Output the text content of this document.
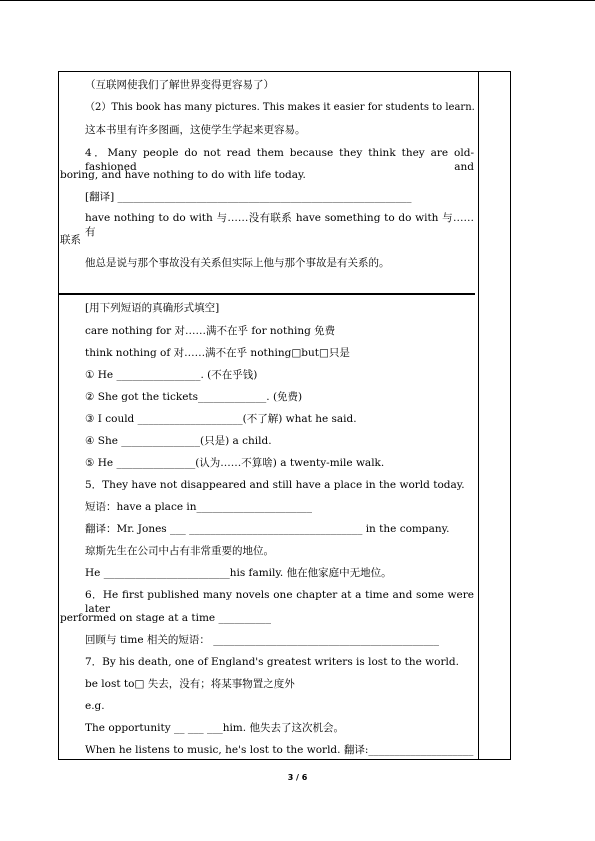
（互联网使我们了解世界变得更容易了）
（2）This book has many pictures. This makes it easier for students to learn.
这本书里有许多图画，这使学生学起来更容易。
4．Many people do not read them because they think they are old-fashioned and
boring, and have nothing to do with life today.
[翻译] ________________________________________________________
have nothing to do with 与……没有联系 have something to do with 与……有
联系
他总是说与那个事故没有关系但实际上他与那个事故是有关系的。
[用下列短语的真确形式填空]
care nothing for 对……满不在乎 for nothing 免费
think nothing of 对……满不在乎 nothing□but□只是
① He ________________. (不在乎钱)
② She got the tickets_____________. (免费)
③ I could ____________________(不了解) what he said.
④ She _______________(只是) a child.
⑤ He _______________(认为……不算啥) a twenty-mile walk.
5．They have not disappeared and still have a place in the world today.
短语：have a place in______________________
翻译：Mr. Jones ___ _________________________________ in the company.
琼斯先生在公司中占有非常重要的地位。
He ________________________his family. 他在他家庭中无地位。
6．He first published many novels one chapter at a time and some were later
performed on stage at a time __________
回顾与 time 相关的短语： ___________________________________________
7．By his death, one of England's greatest writers is lost to the world.
be lost to□ 失去，没有；将某事物置之度外
e.g.
The opportunity __ ___ ___him. 他失去了这次机会。
When he listens to music, he's lost to the world. 翻译:____________________
3 / 6
